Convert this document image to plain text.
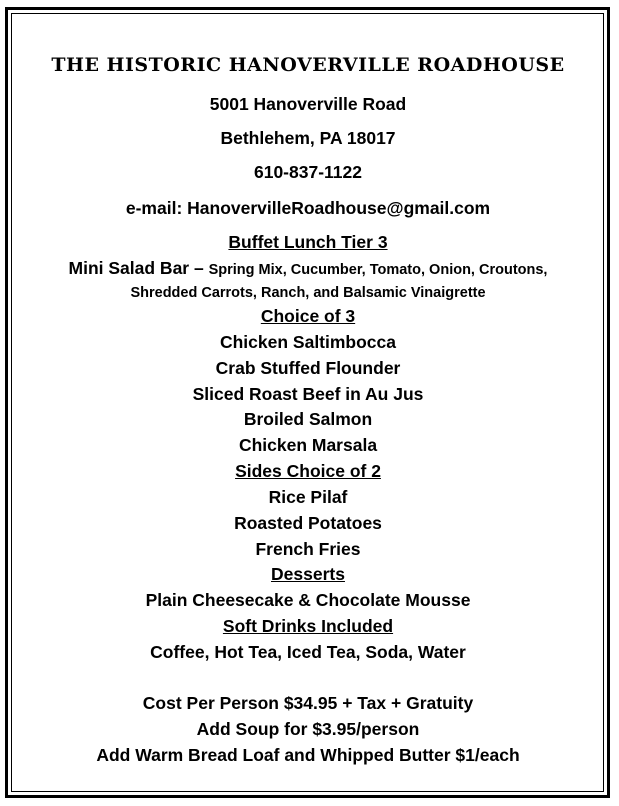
THE HISTORIC HANOVERVILLE ROADHOUSE
5001 Hanoverville Road
Bethlehem, PA 18017
610-837-1122
e-mail: HanovervilleRoadhouse@gmail.com
Buffet Lunch Tier 3
Mini Salad Bar – Spring Mix, Cucumber, Tomato, Onion, Croutons,
Shredded Carrots, Ranch, and Balsamic Vinaigrette
Choice of 3
Chicken Saltimbocca
Crab Stuffed Flounder
Sliced Roast Beef in Au Jus
Broiled Salmon
Chicken Marsala
Sides Choice of 2
Rice Pilaf
Roasted Potatoes
French Fries
Desserts
Plain Cheesecake & Chocolate Mousse
Soft Drinks Included
Coffee, Hot Tea, Iced Tea, Soda, Water
Cost Per Person $34.95 + Tax + Gratuity
Add Soup for $3.95/person
Add Warm Bread Loaf and Whipped Butter $1/each
